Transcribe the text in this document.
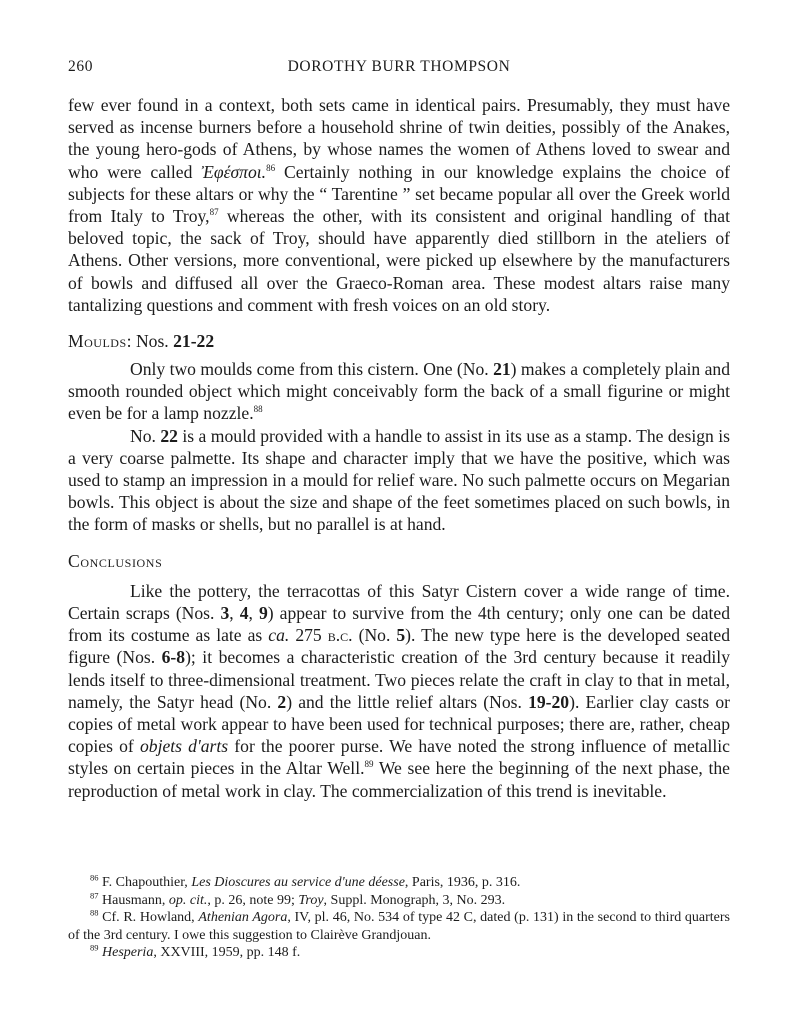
260	DOROTHY BURR THOMPSON

few ever found in a context, both sets came in identical pairs. Presumably, they must have served as incense burners before a household shrine of twin deities, possibly of the Anakes, the young hero-gods of Athens, by whose names the women of Athens loved to swear and who were called Ἐφέσποι.$^{86}$ Certainly nothing in our knowledge explains the choice of subjects for these altars or why the “ Tarentine ” set became popular all over the Greek world from Italy to Troy,$^{87}$ whereas the other, with its consistent and original handling of that beloved topic, the sack of Troy, should have apparently died stillborn in the ateliers of Athens. Other versions, more conventional, were picked up elsewhere by the manufacturers of bowls and diffused all over the Graeco-Roman area. These modest altars raise many tantalizing questions and comment with fresh voices on an old story.

Moulds: Nos. 21-22

Only two moulds come from this cistern. One (No. 21) makes a completely plain and smooth rounded object which might conceivably form the back of a small figurine or might even be for a lamp nozzle.$^{88}$

No. 22 is a mould provided with a handle to assist in its use as a stamp. The design is a very coarse palmette. Its shape and character imply that we have the positive, which was used to stamp an impression in a mould for relief ware. No such palmette occurs on Megarian bowls. This object is about the size and shape of the feet sometimes placed on such bowls, in the form of masks or shells, but no parallel is at hand.

Conclusions

Like the pottery, the terracottas of this Satyr Cistern cover a wide range of time. Certain scraps (Nos. 3, 4, 9) appear to survive from the 4th century; only one can be dated from its costume as late as ca. 275 b.c. (No. 5). The new type here is the developed seated figure (Nos. 6-8); it becomes a characteristic creation of the 3rd century because it readily lends itself to three-dimensional treatment. Two pieces relate the craft in clay to that in metal, namely, the Satyr head (No. 2) and the little relief altars (Nos. 19-20). Earlier clay casts or copies of metal work appear to have been used for technical purposes; there are, rather, cheap copies of objets d'arts for the poorer purse. We have noted the strong influence of metallic styles on certain pieces in the Altar Well.$^{89}$ We see here the beginning of the next phase, the reproduction of metal work in clay. The commercialization of this trend is inevitable.

$^{86}$ F. Chapouthier, Les Dioscures au service d'une déesse, Paris, 1936, p. 316.

$^{87}$ Hausmann, op. cit., p. 26, note 99; Troy, Suppl. Monograph, 3, No. 293.

$^{88}$ Cf. R. Howland, Athenian Agora, IV, pl. 46, No. 534 of type 42 C, dated (p. 131) in the second to third quarters of the 3rd century. I owe this suggestion to Clairève Grandjouan.

$^{89}$ Hesperia, XXVIII, 1959, pp. 148 f.
